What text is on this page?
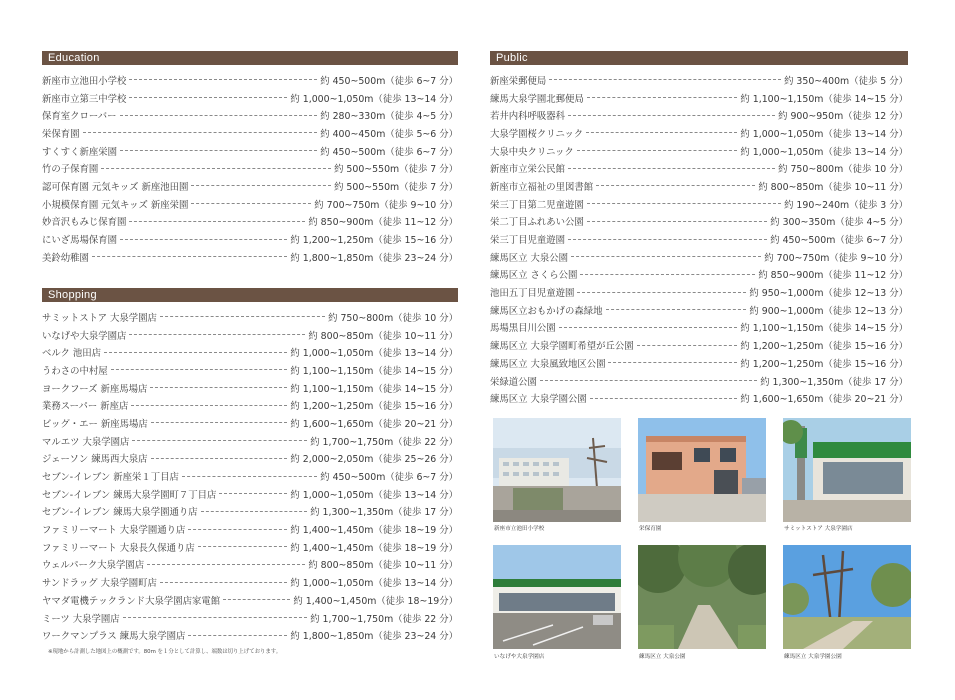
Education
新座市立池田小学校	約 450~500m（徒歩 6~7 分）
新座市立第三中学校	約 1,000~1,050m（徒歩 13~14 分）
保育室クローバー	約 280~330m（徒歩 4~5 分）
栄保育園	約 400~450m（徒歩 5~6 分）
すくすく新座栄園	約 450~500m（徒歩 6~7 分）
竹の子保育園	約 500~550m（徒歩 7 分）
認可保育園 元気キッズ 新座池田園	約 500~550m（徒歩 7 分）
小規模保育園 元気キッズ 新座栄園	約 700~750m（徒歩 9~10 分）
妙音沢もみじ保育園	約 850~900m（徒歩 11~12 分）
にいざ馬場保育園	約 1,200~1,250m（徒歩 15~16 分）
美鈴幼稚園	約 1,800~1,850m（徒歩 23~24 分）
Shopping
サミットストア 大泉学園店	約 750~800m（徒歩 10 分）
いなげや大泉学園店	約 800~850m（徒歩 10~11 分）
ベルク 池田店	約 1,000~1,050m（徒歩 13~14 分）
うわさの中村屋	約 1,100~1,150m（徒歩 14~15 分）
ヨークフーズ 新座馬場店	約 1,100~1,150m（徒歩 14~15 分）
業務スーパー 新座店	約 1,200~1,250m（徒歩 15~16 分）
ビッグ・エー 新座馬場店	約 1,600~1,650m（徒歩 20~21 分）
マルエツ 大泉学園店	約 1,700~1,750m（徒歩 22 分）
ジェーソン 練馬西大泉店	約 2,000~2,050m（徒歩 25~26 分）
セブン-イレブン 新座栄１丁目店	約 450~500m（徒歩 6~7 分）
セブン-イレブン 練馬大泉学園町７丁目店	約 1,000~1,050m（徒歩 13~14 分）
セブン-イレブン 練馬大泉学園通り店	約 1,300~1,350m（徒歩 17 分）
ファミリーマート 大泉学園通り店	約 1,400~1,450m（徒歩 18~19 分）
ファミリーマート 大泉長久保通り店	約 1,400~1,450m（徒歩 18~19 分）
ウェルパーク大泉学園店	約 800~850m（徒歩 10~11 分）
サンドラッグ 大泉学園町店	約 1,000~1,050m（徒歩 13~14 分）
ヤマダ電機テックランド大泉学園店家電館	約 1,400~1,450m（徒歩 18~19分）
ミーツ 大泉学園店	約 1,700~1,750m（徒歩 22 分）
ワークマンプラス 練馬大泉学園店	約 1,800~1,850m（徒歩 23~24 分）
※現地から計測した地図上の概測です。80m を１分として計算し、端数は切り上げております。
Public
新座栄郵便局	約 350~400m（徒歩 5 分）
練馬大泉学園北郵便局	約 1,100~1,150m（徒歩 14~15 分）
若井内科呼吸器科	約 900~950m（徒歩 12 分）
大泉学園桜クリニック	約 1,000~1,050m（徒歩 13~14 分）
大泉中央クリニック	約 1,000~1,050m（徒歩 13~14 分）
新座市立栄公民館	約 750~800m（徒歩 10 分）
新座市立福祉の里図書館	約 800~850m（徒歩 10~11 分）
栄三丁目第二児童遊園	約 190~240m（徒歩 3 分）
栄二丁目ふれあい公園	約 300~350m（徒歩 4~5 分）
栄三丁目児童遊園	約 450~500m（徒歩 6~7 分）
練馬区立 大泉公園	約 700~750m（徒歩 9~10 分）
練馬区立 さくら公園	約 850~900m（徒歩 11~12 分）
池田五丁目児童遊園	約 950~1,000m（徒歩 12~13 分）
練馬区立おもかげの森緑地	約 900~1,000m（徒歩 12~13 分）
馬場黒目川公園	約 1,100~1,150m（徒歩 14~15 分）
練馬区立 大泉学園町希望が丘公園	約 1,200~1,250m（徒歩 15~16 分）
練馬区立 大泉風致地区公園	約 1,200~1,250m（徒歩 15~16 分）
栄緑道公園	約 1,300~1,350m（徒歩 17 分）
練馬区立 大泉学園公園	約 1,600~1,650m（徒歩 20~21 分）
新座市立池田小学校	栄保育園	サミットストア 大泉学園店
いなげや大泉学園店	練馬区立 大泉公園	練馬区立 大泉学園公園
